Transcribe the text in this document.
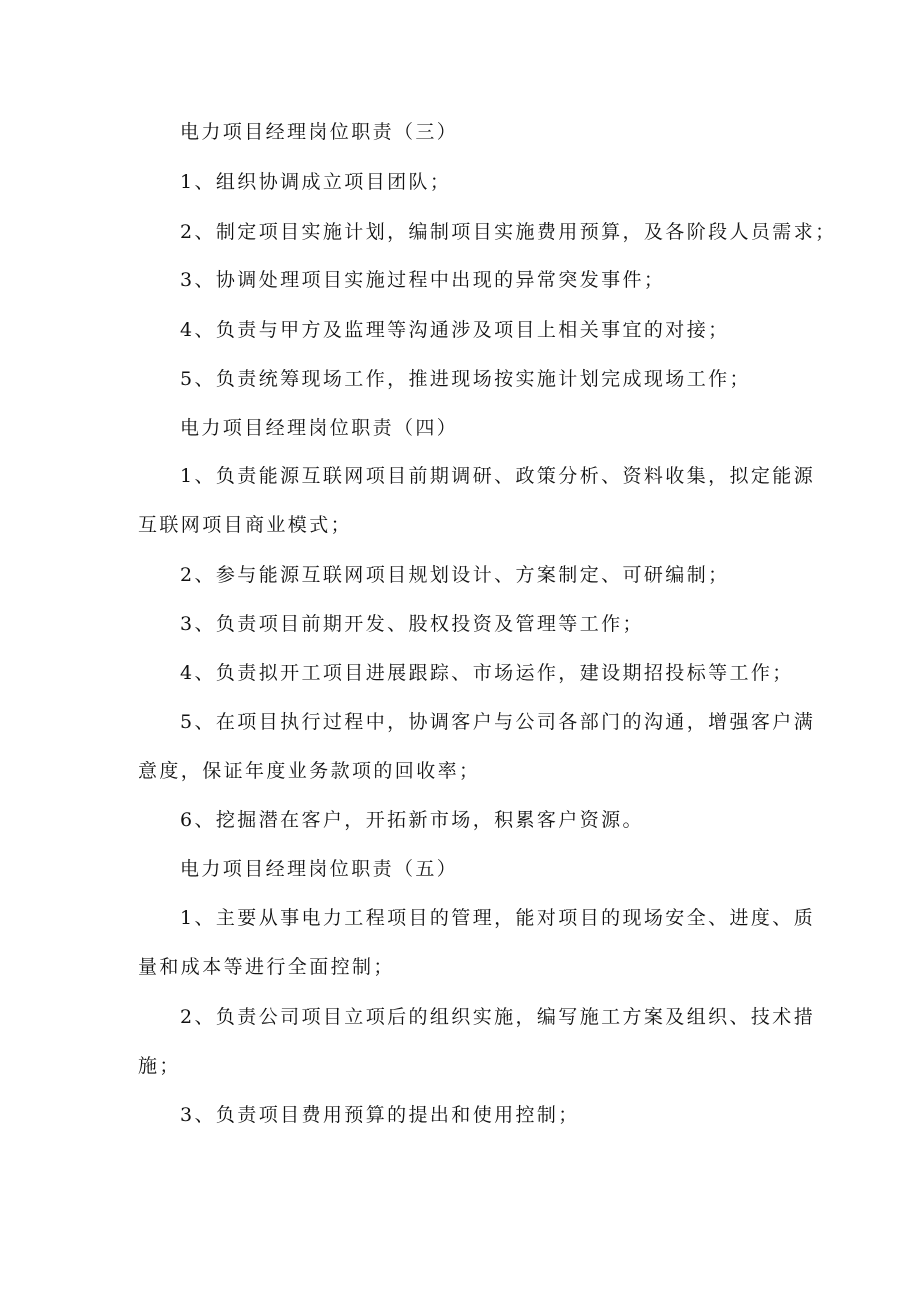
电力项目经理岗位职责（三）
1、组织协调成立项目团队；
2、制定项目实施计划，编制项目实施费用预算，及各阶段人员需求；
3、协调处理项目实施过程中出现的异常突发事件；
4、负责与甲方及监理等沟通涉及项目上相关事宜的对接；
5、负责统筹现场工作，推进现场按实施计划完成现场工作；
电力项目经理岗位职责（四）
1、负责能源互联网项目前期调研、政策分析、资料收集，拟定能源
互联网项目商业模式；
2、参与能源互联网项目规划设计、方案制定、可研编制；
3、负责项目前期开发、股权投资及管理等工作；
4、负责拟开工项目进展跟踪、市场运作，建设期招投标等工作；
5、在项目执行过程中，协调客户与公司各部门的沟通，增强客户满
意度，保证年度业务款项的回收率；
6、挖掘潜在客户，开拓新市场，积累客户资源。
电力项目经理岗位职责（五）
1、主要从事电力工程项目的管理，能对项目的现场安全、进度、质
量和成本等进行全面控制；
2、负责公司项目立项后的组织实施，编写施工方案及组织、技术措
施；
3、负责项目费用预算的提出和使用控制；
